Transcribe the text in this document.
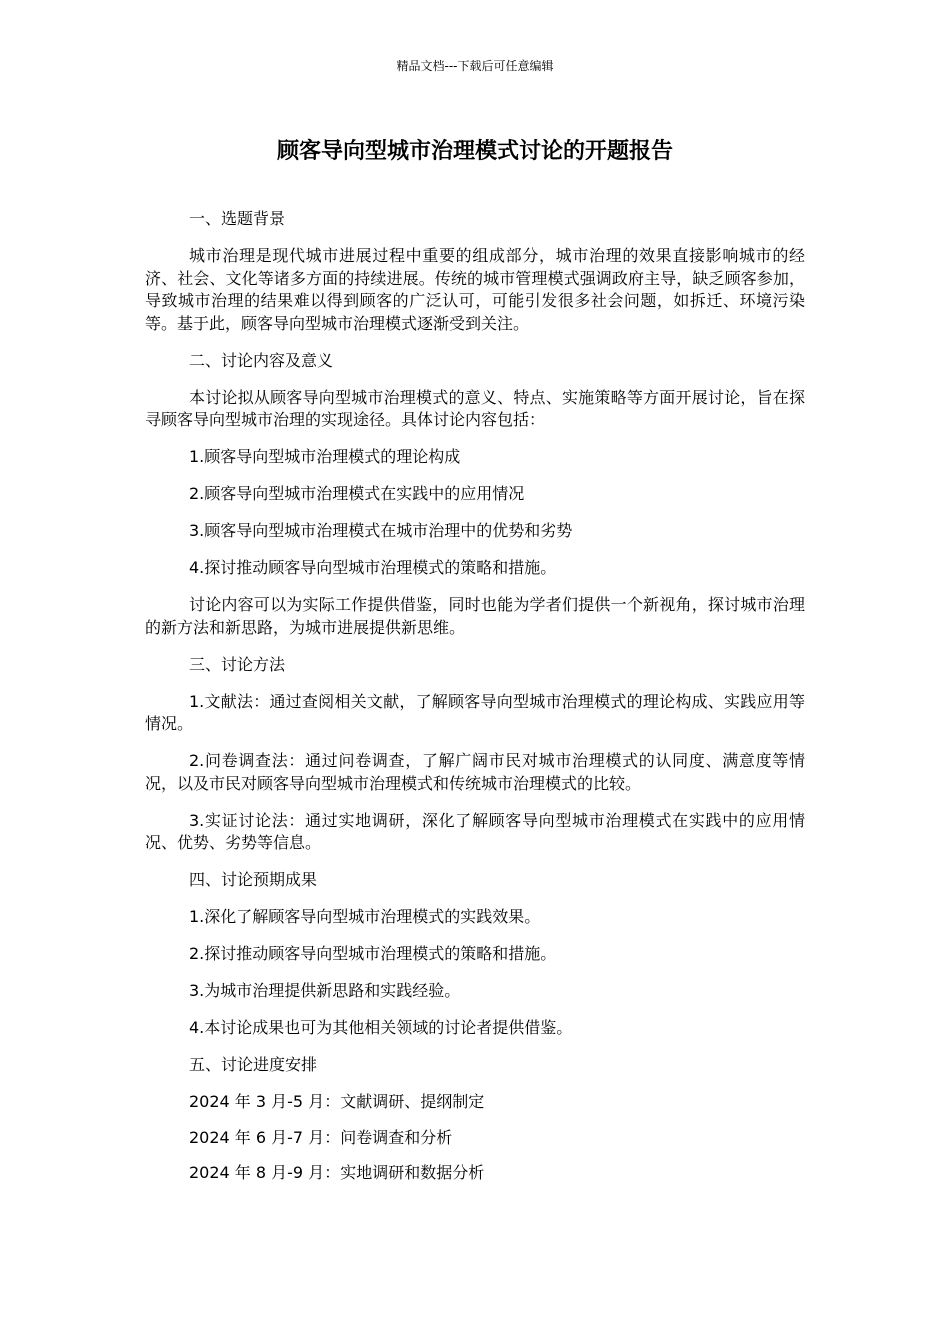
精品文档---下载后可任意编辑
顾客导向型城市治理模式讨论的开题报告

一、选题背景

城市治理是现代城市进展过程中重要的组成部分，城市治理的效果直接影响城市的经济、社会、文化等诸多方面的持续进展。传统的城市管理模式强调政府主导，缺乏顾客参加，导致城市治理的结果难以得到顾客的广泛认可，可能引发很多社会问题，如拆迁、环境污染等。基于此，顾客导向型城市治理模式逐渐受到关注。

二、讨论内容及意义

本讨论拟从顾客导向型城市治理模式的意义、特点、实施策略等方面开展讨论，旨在探寻顾客导向型城市治理的实现途径。具体讨论内容包括：

1.顾客导向型城市治理模式的理论构成

2.顾客导向型城市治理模式在实践中的应用情况

3.顾客导向型城市治理模式在城市治理中的优势和劣势

4.探讨推动顾客导向型城市治理模式的策略和措施。

讨论内容可以为实际工作提供借鉴，同时也能为学者们提供一个新视角，探讨城市治理的新方法和新思路，为城市进展提供新思维。

三、讨论方法

1.文献法：通过查阅相关文献，了解顾客导向型城市治理模式的理论构成、实践应用等情况。

2.问卷调查法：通过问卷调查，了解广阔市民对城市治理模式的认同度、满意度等情况，以及市民对顾客导向型城市治理模式和传统城市治理模式的比较。

3.实证讨论法：通过实地调研，深化了解顾客导向型城市治理模式在实践中的应用情况、优势、劣势等信息。

四、讨论预期成果

1.深化了解顾客导向型城市治理模式的实践效果。

2.探讨推动顾客导向型城市治理模式的策略和措施。

3.为城市治理提供新思路和实践经验。

4.本讨论成果也可为其他相关领域的讨论者提供借鉴。

五、讨论进度安排

2024 年 3 月-5 月：文献调研、提纲制定

2024 年 6 月-7 月：问卷调查和分析

2024 年 8 月-9 月：实地调研和数据分析
